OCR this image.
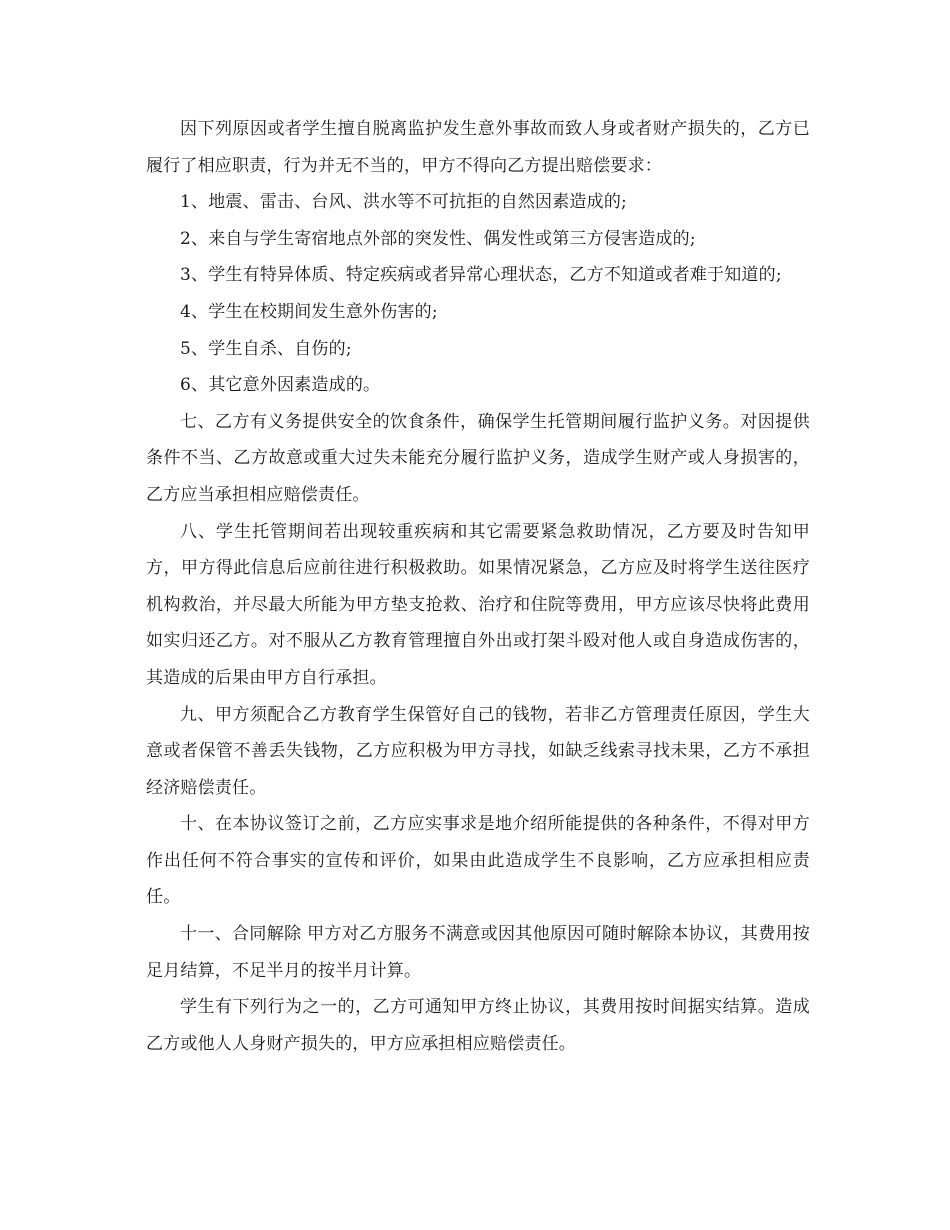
因下列原因或者学生擅自脱离监护发生意外事故而致人身或者财产损失的，乙方已履行了相应职责，行为并无不当的，甲方不得向乙方提出赔偿要求：

1、地震、雷击、台风、洪水等不可抗拒的自然因素造成的;

2、来自与学生寄宿地点外部的突发性、偶发性或第三方侵害造成的;

3、学生有特异体质、特定疾病或者异常心理状态，乙方不知道或者难于知道的;

4、学生在校期间发生意外伤害的;

5、学生自杀、自伤的;

6、其它意外因素造成的。

七、乙方有义务提供安全的饮食条件，确保学生托管期间履行监护义务。对因提供条件不当、乙方故意或重大过失未能充分履行监护义务，造成学生财产或人身损害的，乙方应当承担相应赔偿责任。

八、学生托管期间若出现较重疾病和其它需要紧急救助情况，乙方要及时告知甲方，甲方得此信息后应前往进行积极救助。如果情况紧急，乙方应及时将学生送往医疗机构救治，并尽最大所能为甲方垫支抢救、治疗和住院等费用，甲方应该尽快将此费用如实归还乙方。对不服从乙方教育管理擅自外出或打架斗殴对他人或自身造成伤害的，其造成的后果由甲方自行承担。

九、甲方须配合乙方教育学生保管好自己的钱物，若非乙方管理责任原因，学生大意或者保管不善丢失钱物，乙方应积极为甲方寻找，如缺乏线索寻找未果，乙方不承担经济赔偿责任。

十、在本协议签订之前，乙方应实事求是地介绍所能提供的各种条件，不得对甲方作出任何不符合事实的宣传和评价，如果由此造成学生不良影响，乙方应承担相应责任。

十一、合同解除 甲方对乙方服务不满意或因其他原因可随时解除本协议，其费用按足月结算，不足半月的按半月计算。

学生有下列行为之一的，乙方可通知甲方终止协议，其费用按时间据实结算。造成乙方或他人人身财产损失的，甲方应承担相应赔偿责任。
